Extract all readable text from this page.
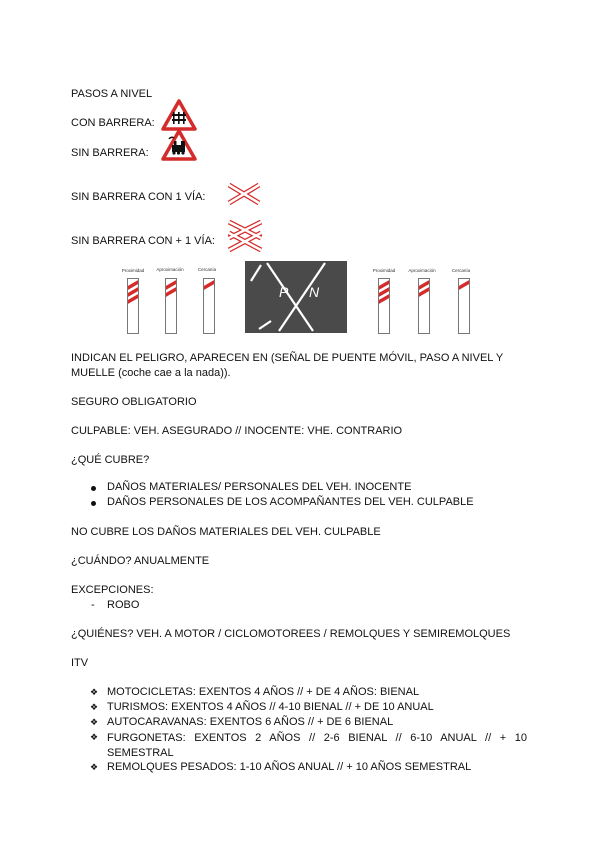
PASOS A NIVEL
CON BARRERA:
SIN BARRERA:
SIN BARRERA CON 1 VÍA:
SIN BARRERA CON + 1 VÍA:
Proximidad	Aproximación	Cercanía
P N
Proximidad	Aproximación	Cercanía
INDICAN EL PELIGRO, APARECEN EN (SEÑAL DE PUENTE MÓVIL, PASO A NIVEL Y MUELLE (coche cae a la nada)).
SEGURO OBLIGATORIO
CULPABLE: VEH. ASEGURADO // INOCENTE: VHE. CONTRARIO
¿QUÉ CUBRE?
DAÑOS MATERIALES/ PERSONALES DEL VEH. INOCENTE
DAÑOS PERSONALES DE LOS ACOMPAÑANTES DEL VEH. CULPABLE
NO CUBRE LOS DAÑOS MATERIALES DEL VEH. CULPABLE
¿CUÁNDO? ANUALMENTE
EXCEPCIONES:
- ROBO
¿QUIÉNES? VEH. A MOTOR / CICLOMOTOREES / REMOLQUES Y SEMIREMOLQUES
ITV
❖ MOTOCICLETAS: EXENTOS 4 AÑOS // + DE 4 AÑOS: BIENAL
❖ TURISMOS: EXENTOS 4 AÑOS // 4-10 BIENAL // + DE 10 ANUAL
❖ AUTOCARAVANAS: EXENTOS 6 AÑOS // + DE 6 BIENAL
❖ FURGONETAS: EXENTOS 2 AÑOS // 2-6 BIENAL // 6-10 ANUAL // + 10 SEMESTRAL
❖ REMOLQUES PESADOS: 1-10 AÑOS ANUAL // + 10 AÑOS SEMESTRAL
